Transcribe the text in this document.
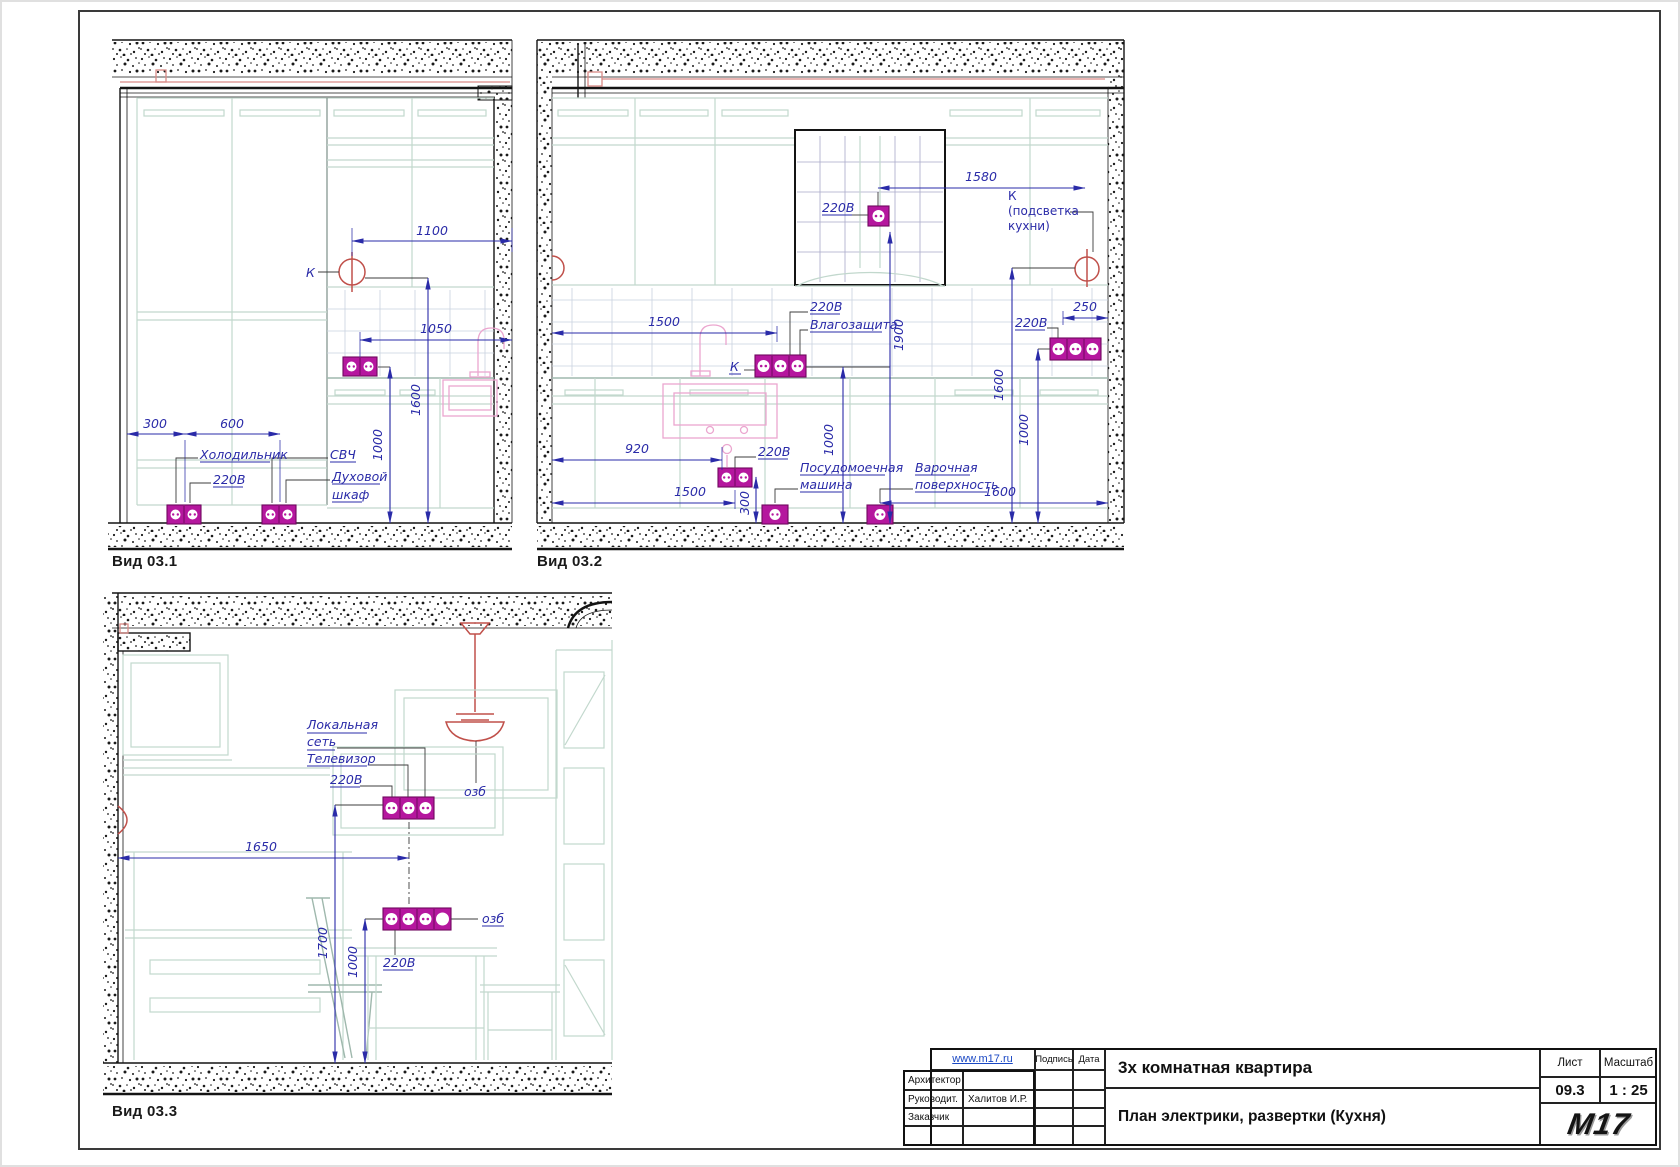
Вид 03.1
1100
1050
300	600
1600
1000
К
Холодильник
220В
СВЧ
Духовой
шкаф
Вид 03.2
1580
220В
К
(подсветка
кухни)
1500
220В
Влагозащита
К
1900
1000
920	220В
1500 300
Посудомоечная
машина
Варочная
поверхность
1600
220В
250
1600
1000
Вид 03.3
Локальная
сеть
Телевизор
220В
озб
1650
озб
1700
1000 220В
www.m17.ru Подпись Дата
Архитектор
Руководит.	Халитов И.Р.
Заказчик
3х комнатная квартира
План электрики, развертки (Кухня)
Лист	Масштаб
09.3	1 : 25
M17
